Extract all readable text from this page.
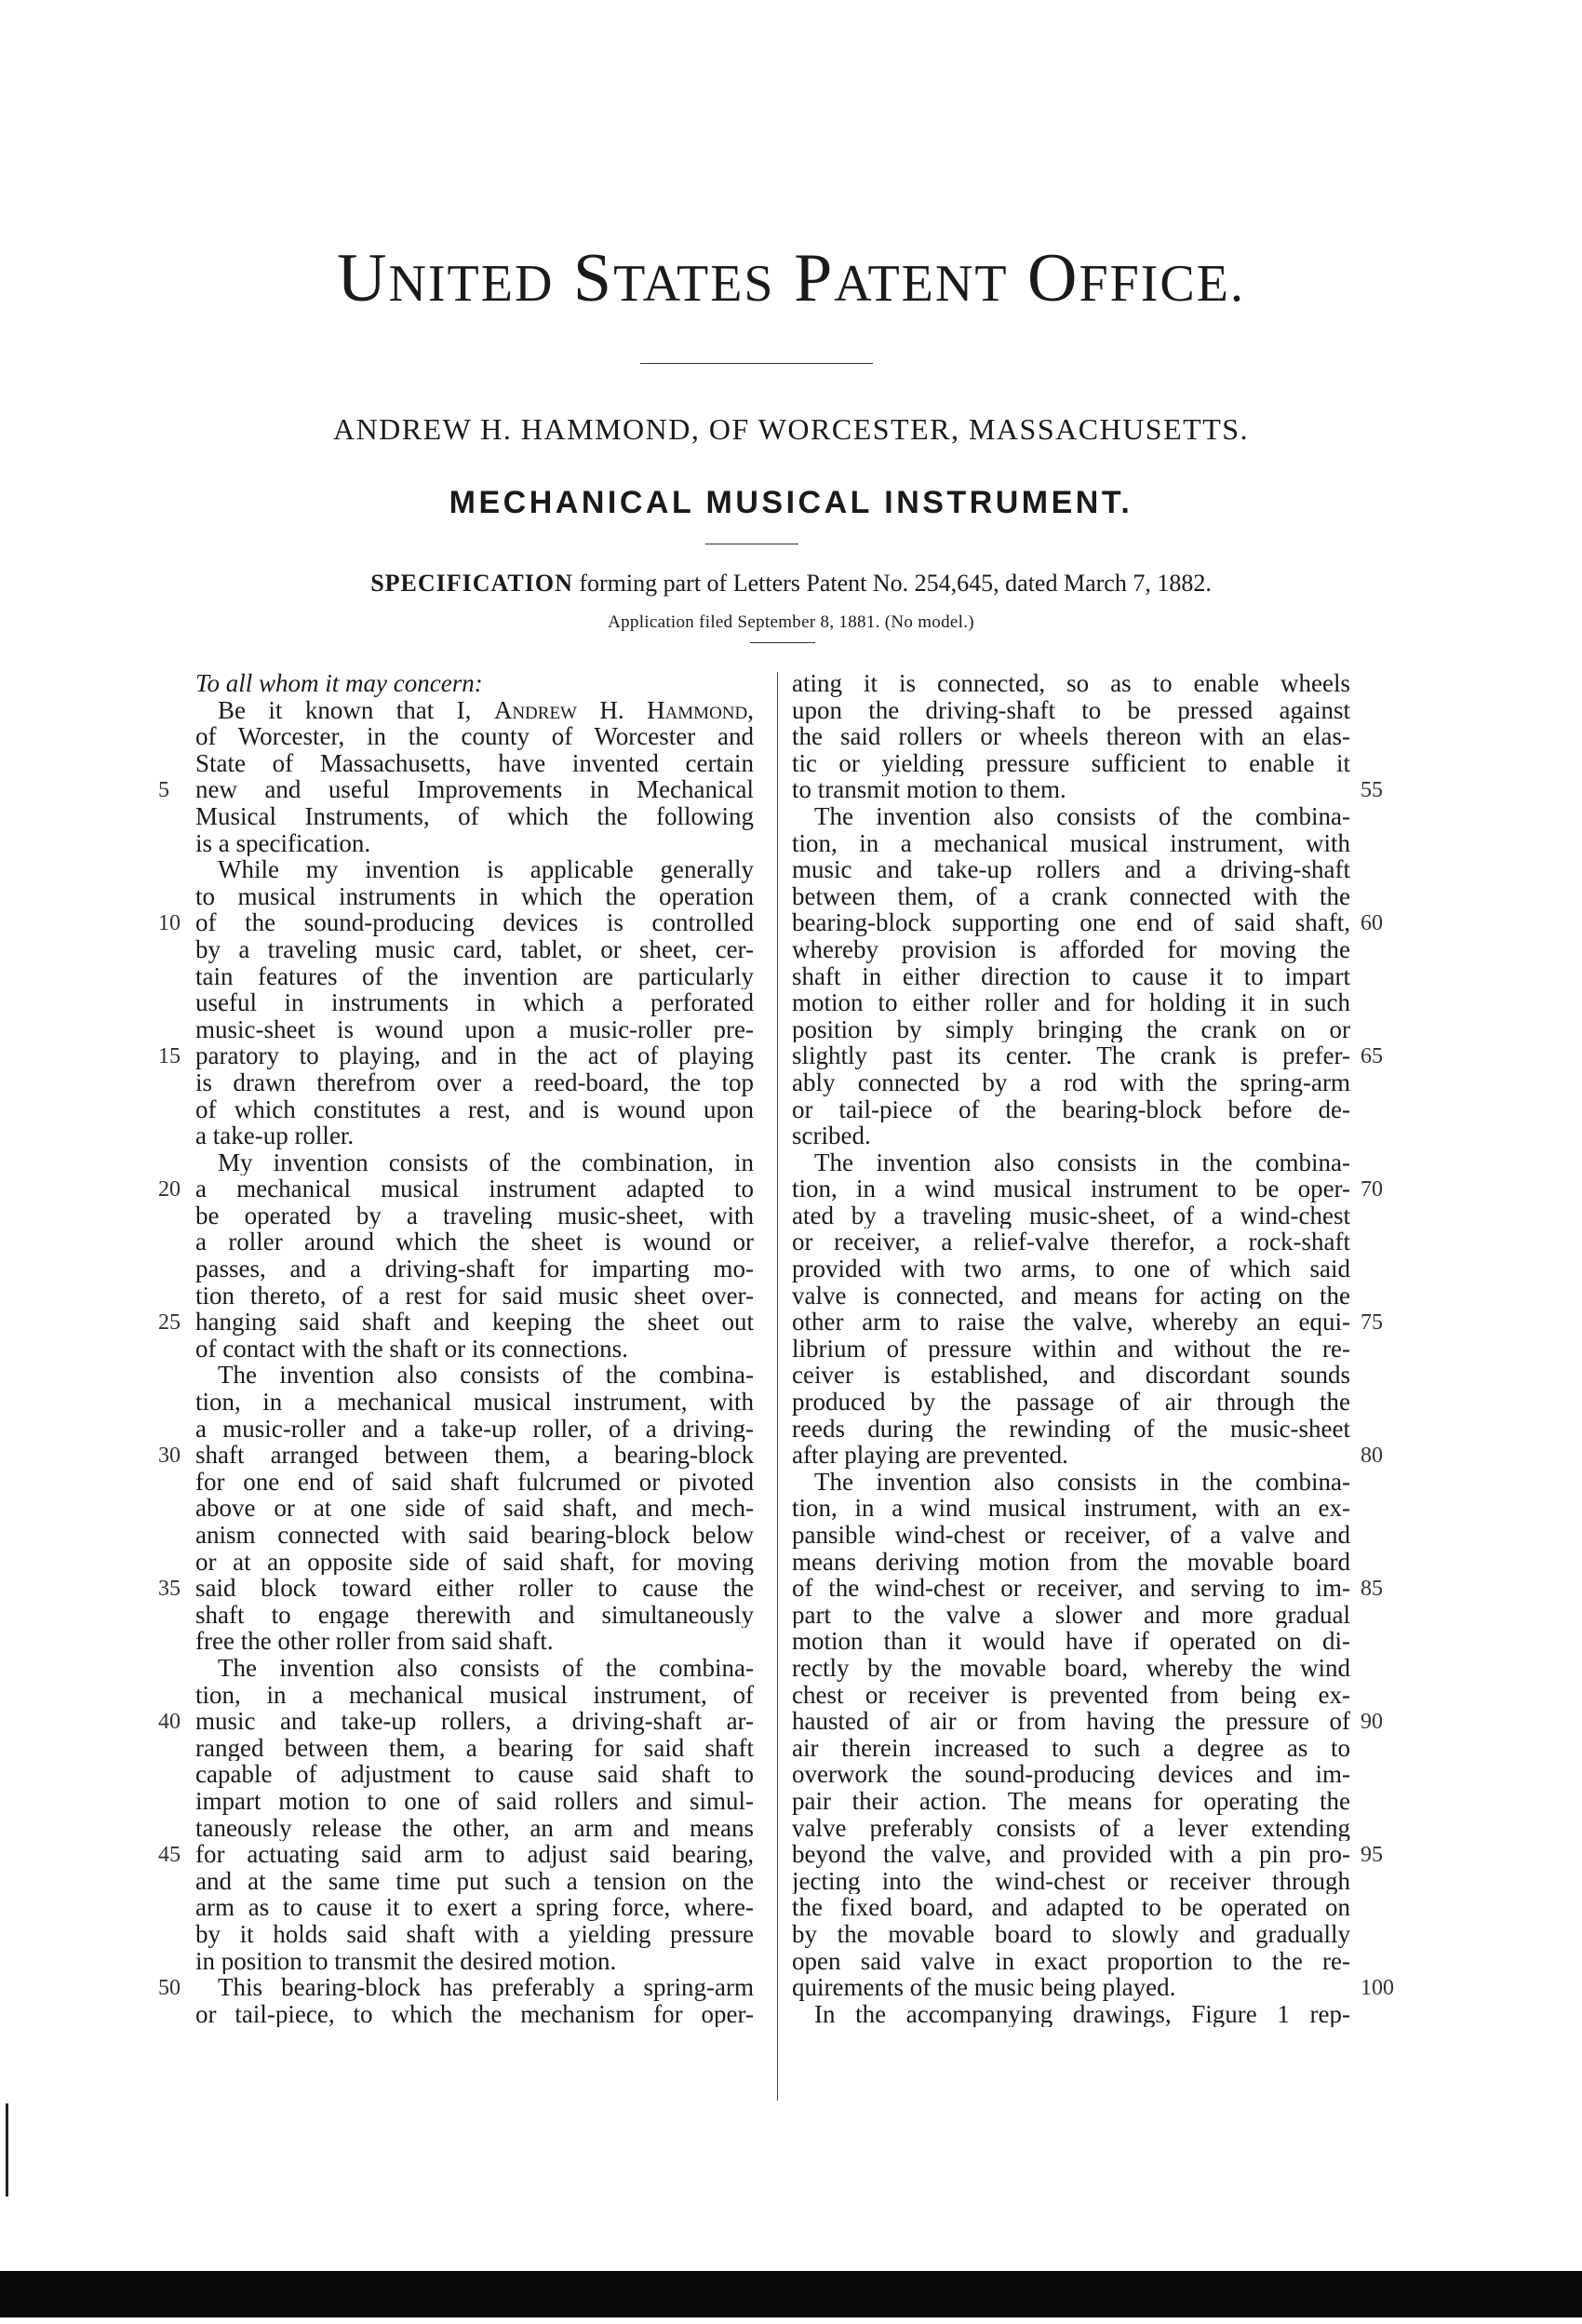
UNITED STATES PATENT OFFICE.
ANDREW H. HAMMOND, OF WORCESTER, MASSACHUSETTS.
MECHANICAL MUSICAL INSTRUMENT.
SPECIFICATION forming part of Letters Patent No. 254,645, dated March 7, 1882.
Application filed September 8, 1881. (No model.)
To all whom it may concern:
Be it known that I, Andrew H. Hammond,
of Worcester, in the county of Worcester and
State of Massachusetts, have invented certain
new and useful Improvements in Mechanical
Musical Instruments, of which the following
is a specification.
While my invention is applicable generally
to musical instruments in which the operation
of the sound-producing devices is controlled
by a traveling music card, tablet, or sheet, cer-
tain features of the invention are particularly
useful in instruments in which a perforated
music-sheet is wound upon a music-roller pre-
paratory to playing, and in the act of playing
is drawn therefrom over a reed-board, the top
of which constitutes a rest, and is wound upon
a take-up roller.
My invention consists of the combination, in
a mechanical musical instrument adapted to
be operated by a traveling music-sheet, with
a roller around which the sheet is wound or
passes, and a driving-shaft for imparting mo-
tion thereto, of a rest for said music sheet over-
hanging said shaft and keeping the sheet out
of contact with the shaft or its connections.
The invention also consists of the combina-
tion, in a mechanical musical instrument, with
a music-roller and a take-up roller, of a driving-
shaft arranged between them, a bearing-block
for one end of said shaft fulcrumed or pivoted
above or at one side of said shaft, and mech-
anism connected with said bearing-block below
or at an opposite side of said shaft, for moving
said block toward either roller to cause the
shaft to engage therewith and simultaneously
free the other roller from said shaft.
The invention also consists of the combina-
tion, in a mechanical musical instrument, of
music and take-up rollers, a driving-shaft ar-
ranged between them, a bearing for said shaft
capable of adjustment to cause said shaft to
impart motion to one of said rollers and simul-
taneously release the other, an arm and means
for actuating said arm to adjust said bearing,
and at the same time put such a tension on the
arm as to cause it to exert a spring force, where-
by it holds said shaft with a yielding pressure
in position to transmit the desired motion.
This bearing-block has preferably a spring-arm
or tail-piece, to which the mechanism for oper-
ating it is connected, so as to enable wheels
upon the driving-shaft to be pressed against
the said rollers or wheels thereon with an elas-
tic or yielding pressure sufficient to enable it
to transmit motion to them.
The invention also consists of the combina-
tion, in a mechanical musical instrument, with
music and take-up rollers and a driving-shaft
between them, of a crank connected with the
bearing-block supporting one end of said shaft,
whereby provision is afforded for moving the
shaft in either direction to cause it to impart
motion to either roller and for holding it in such
position by simply bringing the crank on or
slightly past its center. The crank is prefer-
ably connected by a rod with the spring-arm
or tail-piece of the bearing-block before de-
scribed.
The invention also consists in the combina-
tion, in a wind musical instrument to be oper-
ated by a traveling music-sheet, of a wind-chest
or receiver, a relief-valve therefor, a rock-shaft
provided with two arms, to one of which said
valve is connected, and means for acting on the
other arm to raise the valve, whereby an equi-
librium of pressure within and without the re-
ceiver is established, and discordant sounds
produced by the passage of air through the
reeds during the rewinding of the music-sheet
after playing are prevented.
The invention also consists in the combina-
tion, in a wind musical instrument, with an ex-
pansible wind-chest or receiver, of a valve and
means deriving motion from the movable board
of the wind-chest or receiver, and serving to im-
part to the valve a slower and more gradual
motion than it would have if operated on di-
rectly by the movable board, whereby the wind
chest or receiver is prevented from being ex-
hausted of air or from having the pressure of
air therein increased to such a degree as to
overwork the sound-producing devices and im-
pair their action. The means for operating the
valve preferably consists of a lever extending
beyond the valve, and provided with a pin pro-
jecting into the wind-chest or receiver through
the fixed board, and adapted to be operated on
by the movable board to slowly and gradually
open said valve in exact proportion to the re-
quirements of the music being played.
In the accompanying drawings, Figure 1 rep-
5
10
15
20
25
30
35
40
45
50
55
60
65
70
75
80
85
90
95
100
